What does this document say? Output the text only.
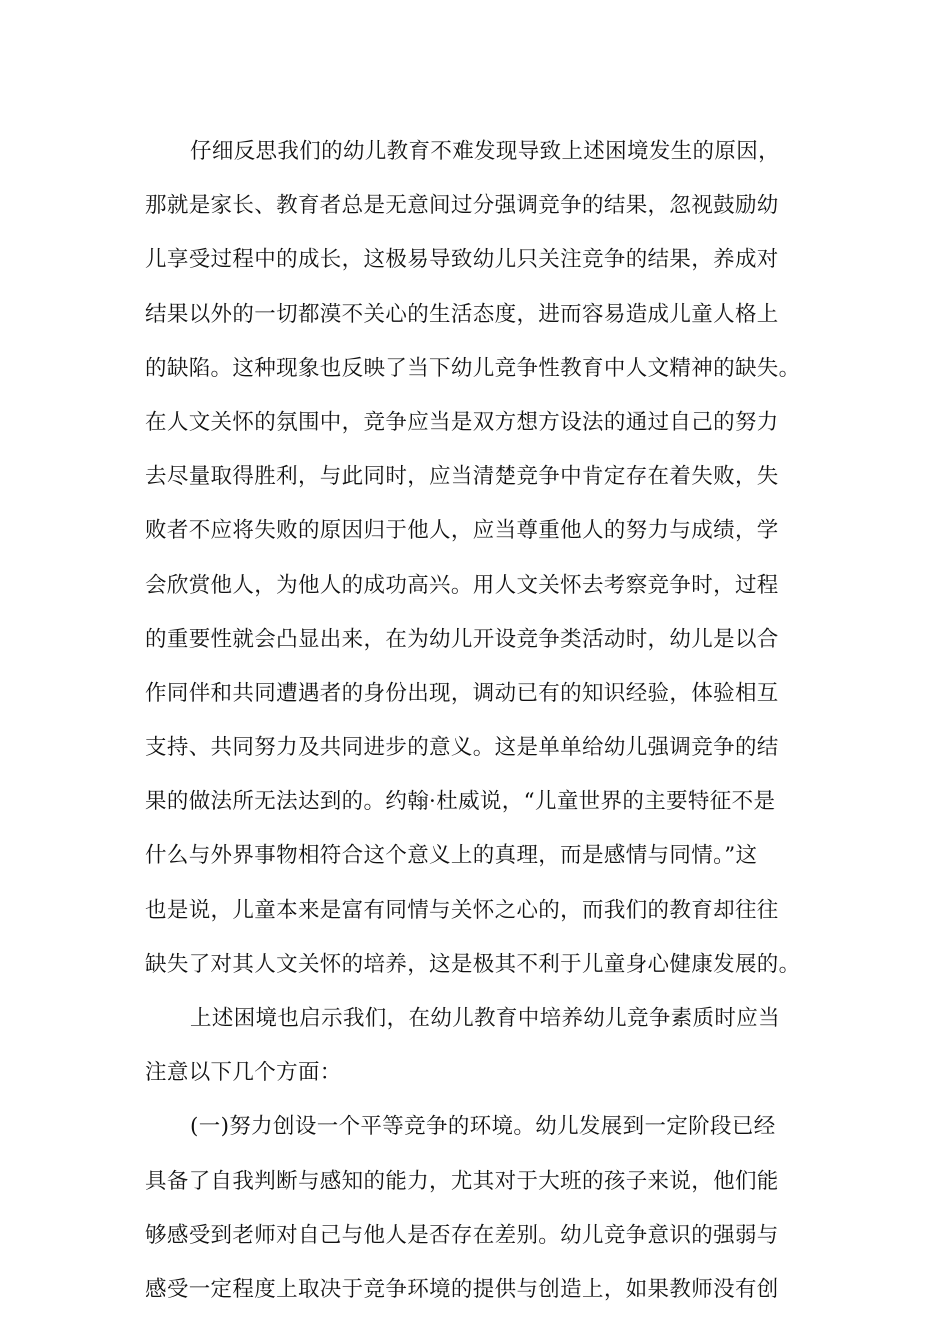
仔细反思我们的幼儿教育不难发现导致上述困境发生的原因，
那就是家长、教育者总是无意间过分强调竞争的结果，忽视鼓励幼
儿享受过程中的成长，这极易导致幼儿只关注竞争的结果，养成对
结果以外的一切都漠不关心的生活态度，进而容易造成儿童人格上
的缺陷。这种现象也反映了当下幼儿竞争性教育中人文精神的缺失。
在人文关怀的氛围中，竞争应当是双方想方设法的通过自己的努力
去尽量取得胜利，与此同时，应当清楚竞争中肯定存在着失败，失
败者不应将失败的原因归于他人，应当尊重他人的努力与成绩，学
会欣赏他人，为他人的成功高兴。用人文关怀去考察竞争时，过程
的重要性就会凸显出来，在为幼儿开设竞争类活动时，幼儿是以合
作同伴和共同遭遇者的身份出现，调动已有的知识经验，体验相互
支持、共同努力及共同进步的意义。这是单单给幼儿强调竞争的结
果的做法所无法达到的。约翰·杜威说，“儿童世界的主要特征不是
什么与外界事物相符合这个意义上的真理，而是感情与同情。”这
也是说，儿童本来是富有同情与关怀之心的，而我们的教育却往往
缺失了对其人文关怀的培养，这是极其不利于儿童身心健康发展的。
上述困境也启示我们，在幼儿教育中培养幼儿竞争素质时应当
注意以下几个方面：
(一)努力创设一个平等竞争的环境。幼儿发展到一定阶段已经
具备了自我判断与感知的能力，尤其对于大班的孩子来说，他们能
够感受到老师对自己与他人是否存在差别。幼儿竞争意识的强弱与
感受一定程度上取决于竞争环境的提供与创造上，如果教师没有创
